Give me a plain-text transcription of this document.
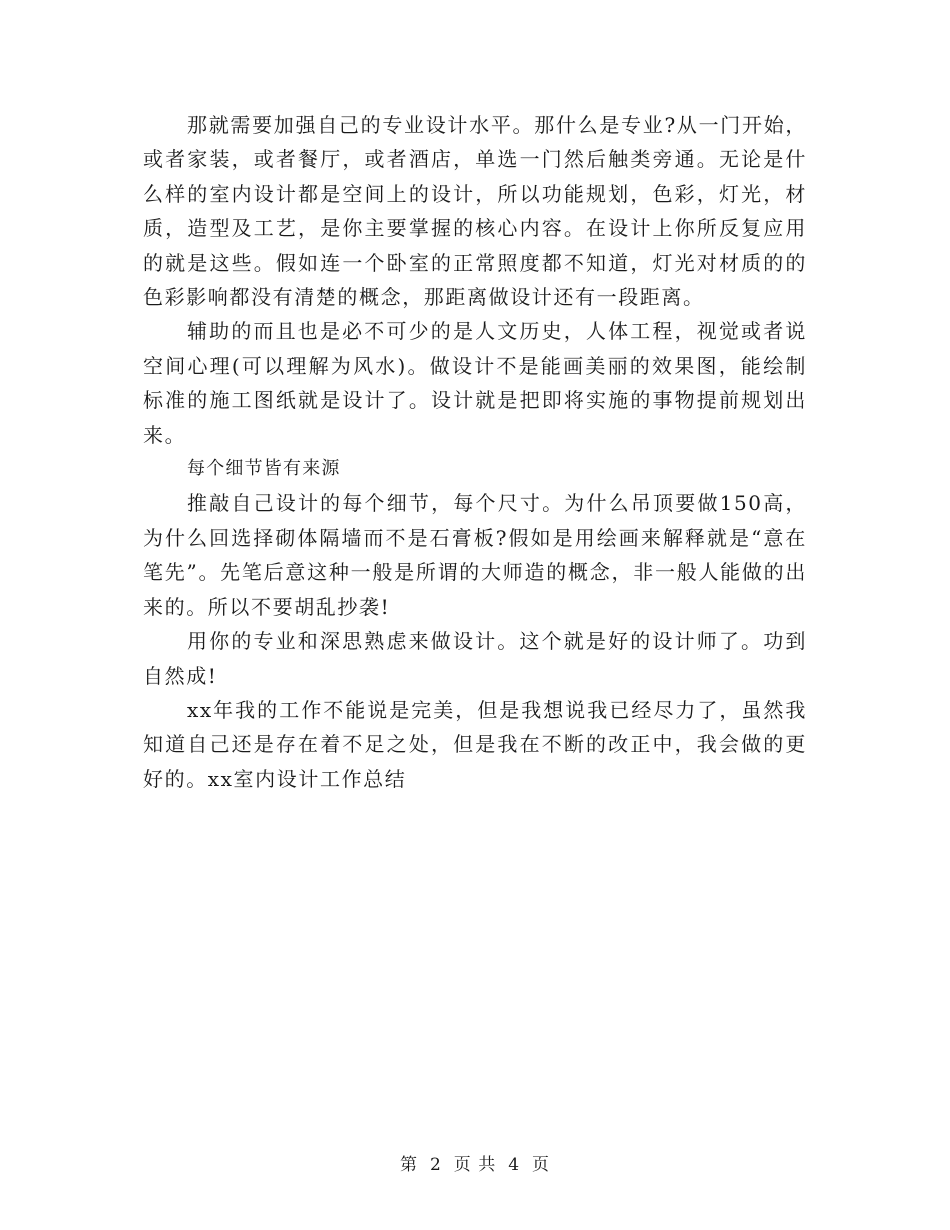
那就需要加强自己的专业设计水平。那什么是专业?从一门开始，或者家装，或者餐厅，或者酒店，单选一门然后触类旁通。无论是什么样的室内设计都是空间上的设计，所以功能规划，色彩，灯光，材质，造型及工艺，是你主要掌握的核心内容。在设计上你所反复应用的就是这些。假如连一个卧室的正常照度都不知道，灯光对材质的的色彩影响都没有清楚的概念，那距离做设计还有一段距离。

辅助的而且也是必不可少的是人文历史，人体工程，视觉或者说空间心理(可以理解为风水)。做设计不是能画美丽的效果图，能绘制标准的施工图纸就是设计了。设计就是把即将实施的事物提前规划出来。

每个细节皆有来源

推敲自己设计的每个细节，每个尺寸。为什么吊顶要做150高，为什么回选择砌体隔墙而不是石膏板?假如是用绘画来解释就是“意在笔先”。先笔后意这种一般是所谓的大师造的概念，非一般人能做的出来的。所以不要胡乱抄袭!

用你的专业和深思熟虑来做设计。这个就是好的设计师了。功到自然成!

xx年我的工作不能说是完美，但是我想说我已经尽力了，虽然我知道自己还是存在着不足之处，但是我在不断的改正中，我会做的更好的。xx室内设计工作总结

第 2 页 共 4 页
